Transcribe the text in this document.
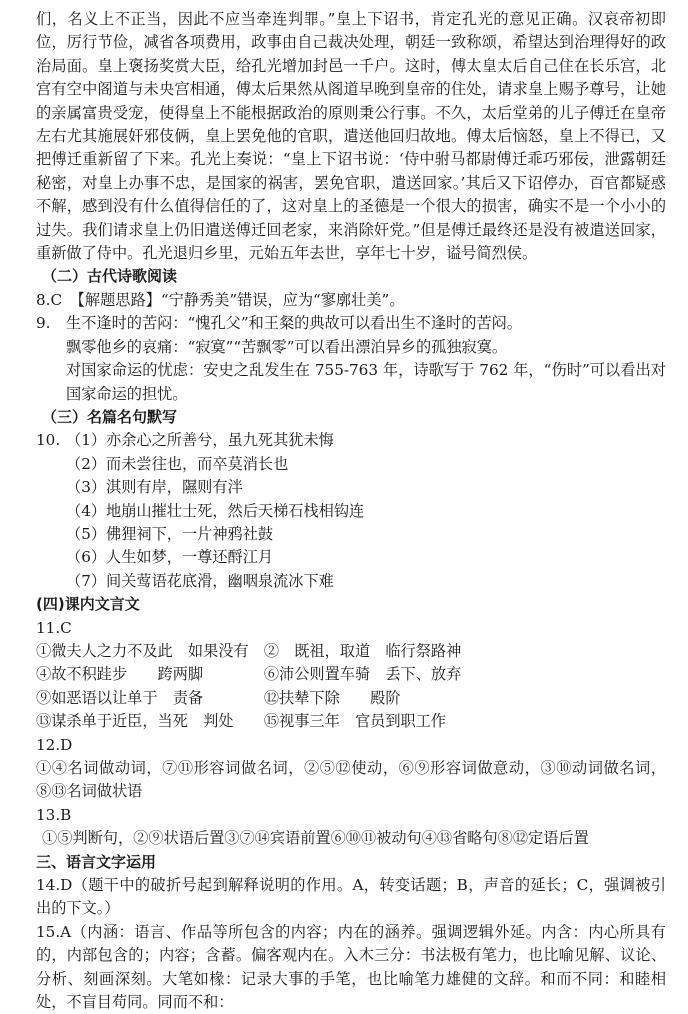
们，名义上不正当，因此不应当牵连判罪。”皇上下诏书，肯定孔光的意见正确。汉哀帝初即位，厉行节俭，减省各项费用，政事由自己裁决处理，朝廷一致称颂，希望达到治理得好的政治局面。皇上褒扬奖赏大臣，给孔光增加封邑一千户。这时，傅太皇太后自己住在长乐宫，北宫有空中阁道与未央宫相通，傅太后果然从阁道早晚到皇帝的住处，请求皇上赐予尊号，让她的亲属富贵受宠，使得皇上不能根据政治的原则秉公行事。不久，太后堂弟的儿子傅迁在皇帝左右尤其施展奸邪伎俩，皇上罢免他的官职，遣送他回归故地。傅太后恼怒，皇上不得已，又把傅迁重新留了下来。孔光上奏说：“皇上下诏书说：‘侍中驸马都尉傅迁乖巧邪佞，泄露朝廷秘密，对皇上办事不忠，是国家的祸害，罢免官职，遣送回家。’其后又下诏停办，百官都疑惑不解，感到没有什么值得信任的了，这对皇上的圣德是一个很大的损害，确实不是一个小小的过失。我们请求皇上仍旧遣送傅迁回老家，来消除奸党。”但是傅迁最终还是没有被遣送回家，重新做了侍中。孔光退归乡里，元始五年去世，享年七十岁，谥号简烈侯。

（二）古代诗歌阅读

8.C　【解题思路】“宁静秀美”错误，应为“寥廓壮美”。

9.	生不逢时的苦闷：“愧孔父”和王粲的典故可以看出生不逢时的苦闷。

飘零他乡的哀痛：“寂寞”“苦飘零”可以看出漂泊异乡的孤独寂寞。

对国家命运的忧虑：安史之乱发生在 755-763 年，诗歌写于 762 年，“伤时”可以看出对国家命运的担忧。

（三）名篇名句默写

10. （1）亦余心之所善兮，虽九死其犹未悔

（2）而未尝往也，而卒莫消长也

（3）淇则有岸，隰则有泮

（4）地崩山摧壮士死，然后天梯石栈相钩连

（5）佛狸祠下，一片神鸦社鼓

（6）人生如梦，一尊还酹江月

（7）间关莺语花底滑，幽咽泉流冰下难

(四)课内文言文

11.C

①微夫人之力不及此　如果没有　②　既祖，取道　临行祭路神

④故不积跬步　　跨两脚　　　　⑥沛公则置车骑　丢下、放弃

⑨如恶语以让单于　责备　　　　⑫扶辇下除　　殿阶

⑬谋杀单于近臣，当死　判处　　⑮视事三年　官员到职工作

12.D

①④名词做动词，⑦⑪形容词做名词，②⑤⑫使动，⑥⑨形容词做意动，③⑩动词做名词，⑧⑬名词做状语

13.B

①⑤判断句，②⑨状语后置③⑦⑭宾语前置⑥⑩⑪被动句④⑬省略句⑧⑫定语后置

三、语言文字运用

14.D（题干中的破折号起到解释说明的作用。A，转变话题；B，声音的延长；C，强调被引出的下文。）

15.A（内涵：语言、作品等所包含的内容；内在的涵养。强调逻辑外延。内含：内心所具有的，内部包含的；内容；含蓄。偏客观内在。入木三分：书法极有笔力，也比喻见解、议论、分析、刻画深刻。大笔如椽：记录大事的手笔，也比喻笔力雄健的文辞。和而不同：和睦相处，不盲目苟同。同而不和：
